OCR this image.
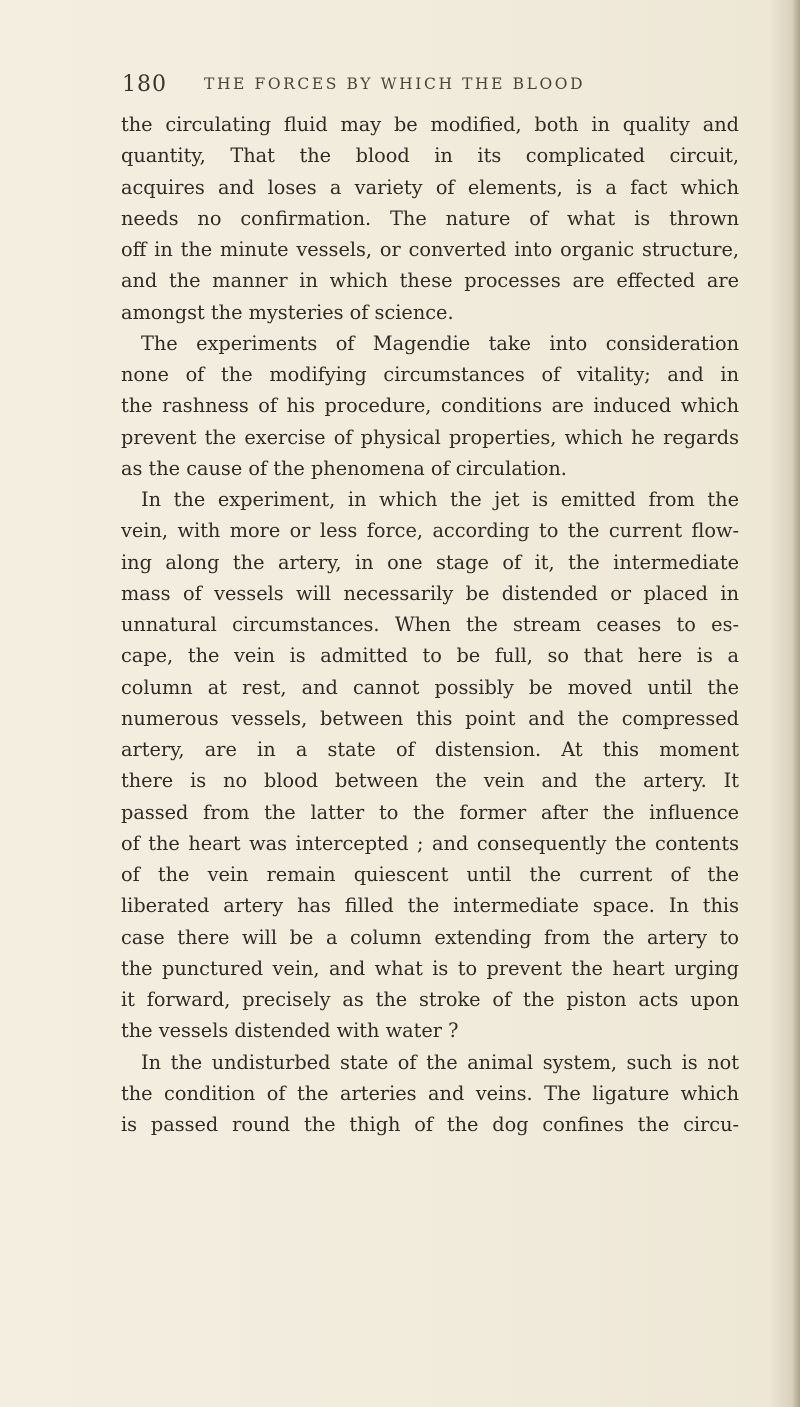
180 THE FORCES BY WHICH THE BLOOD
the circulating fluid may be modified, both in quality and
quantity, That the blood in its complicated circuit,
acquires and loses a variety of elements, is a fact which
needs no confirmation. The nature of what is thrown
off in the minute vessels, or converted into organic structure,
and the manner in which these processes are effected are
amongst the mysteries of science.
The experiments of Magendie take into consideration
none of the modifying circumstances of vitality; and in
the rashness of his procedure, conditions are induced which
prevent the exercise of physical properties, which he regards
as the cause of the phenomena of circulation.
In the experiment, in which the jet is emitted from the
vein, with more or less force, according to the current flow-
ing along the artery, in one stage of it, the intermediate
mass of vessels will necessarily be distended or placed in
unnatural circumstances. When the stream ceases to es-
cape, the vein is admitted to be full, so that here is a
column at rest, and cannot possibly be moved until the
numerous vessels, between this point and the compressed
artery, are in a state of distension. At this moment
there is no blood between the vein and the artery. It
passed from the latter to the former after the influence
of the heart was intercepted ; and consequently the contents
of the vein remain quiescent until the current of the
liberated artery has filled the intermediate space. In this
case there will be a column extending from the artery to
the punctured vein, and what is to prevent the heart urging
it forward, precisely as the stroke of the piston acts upon
the vessels distended with water ?
In the undisturbed state of the animal system, such is not
the condition of the arteries and veins. The ligature which
is passed round the thigh of the dog confines the circu-
